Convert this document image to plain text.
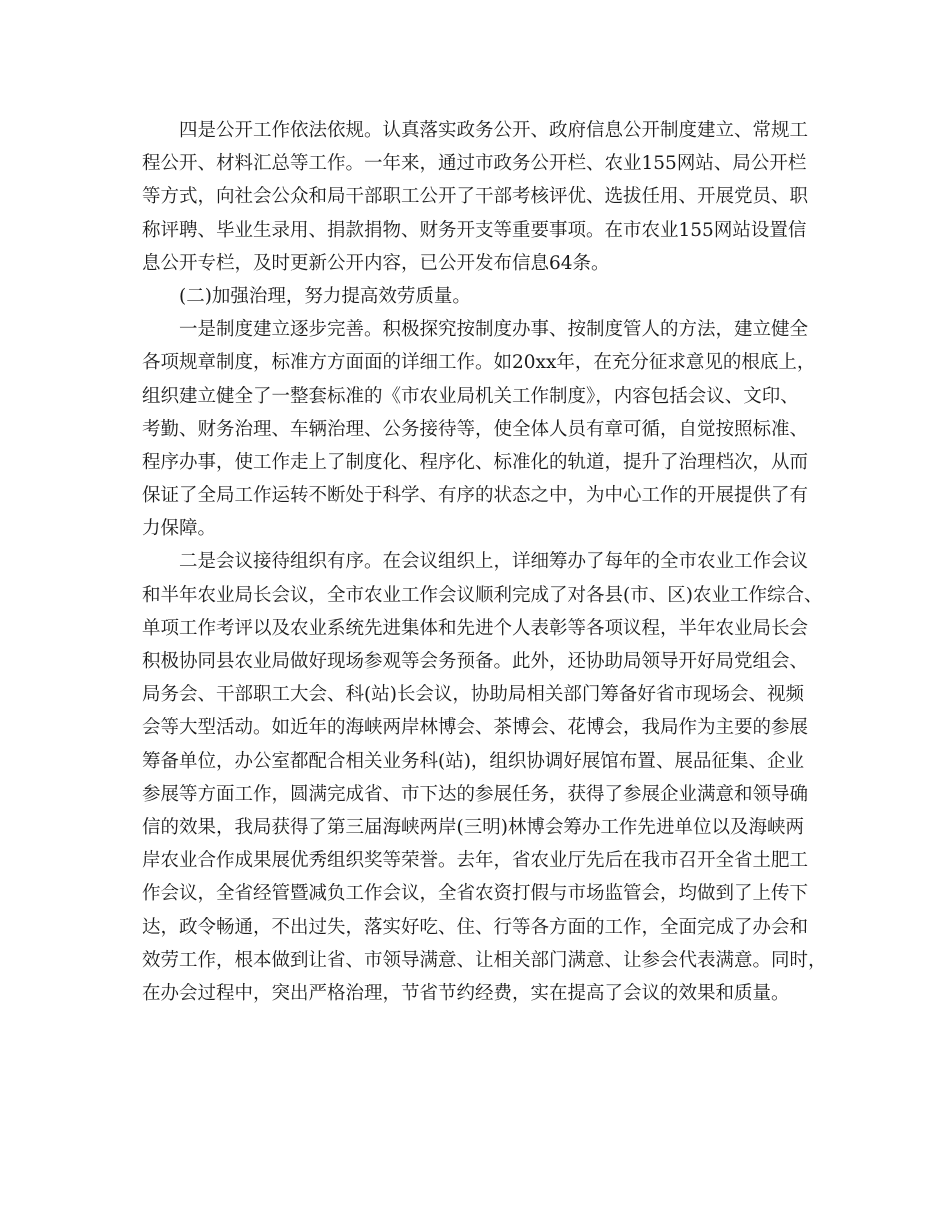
四是公开工作依法依规。认真落实政务公开、政府信息公开制度建立、常规工
程公开、材料汇总等工作。一年来，通过市政务公开栏、农业155网站、局公开栏
等方式，向社会公众和局干部职工公开了干部考核评优、选拔任用、开展党员、职
称评聘、毕业生录用、捐款捐物、财务开支等重要事项。在市农业155网站设置信
息公开专栏，及时更新公开内容，已公开发布信息64条。
(二)加强治理，努力提高效劳质量。
一是制度建立逐步完善。积极探究按制度办事、按制度管人的方法，建立健全
各项规章制度，标准方方面面的详细工作。如20xx年，在充分征求意见的根底上，
组织建立健全了一整套标准的《市农业局机关工作制度》，内容包括会议、文印、
考勤、财务治理、车辆治理、公务接待等，使全体人员有章可循，自觉按照标准、
程序办事，使工作走上了制度化、程序化、标准化的轨道，提升了治理档次，从而
保证了全局工作运转不断处于科学、有序的状态之中，为中心工作的开展提供了有
力保障。
二是会议接待组织有序。在会议组织上，详细筹办了每年的全市农业工作会议
和半年农业局长会议，全市农业工作会议顺利完成了对各县(市、区)农业工作综合、
单项工作考评以及农业系统先进集体和先进个人表彰等各项议程，半年农业局长会
积极协同县农业局做好现场参观等会务预备。此外，还协助局领导开好局党组会、
局务会、干部职工大会、科(站)长会议，协助局相关部门筹备好省市现场会、视频
会等大型活动。如近年的海峡两岸林博会、茶博会、花博会，我局作为主要的参展
筹备单位，办公室都配合相关业务科(站)，组织协调好展馆布置、展品征集、企业
参展等方面工作，圆满完成省、市下达的参展任务，获得了参展企业满意和领导确
信的效果，我局获得了第三届海峡两岸(三明)林博会筹办工作先进单位以及海峡两
岸农业合作成果展优秀组织奖等荣誉。去年，省农业厅先后在我市召开全省土肥工
作会议，全省经管暨减负工作会议，全省农资打假与市场监管会，均做到了上传下
达，政令畅通，不出过失，落实好吃、住、行等各方面的工作，全面完成了办会和
效劳工作，根本做到让省、市领导满意、让相关部门满意、让参会代表满意。同时，
在办会过程中，突出严格治理，节省节约经费，实在提高了会议的效果和质量。
